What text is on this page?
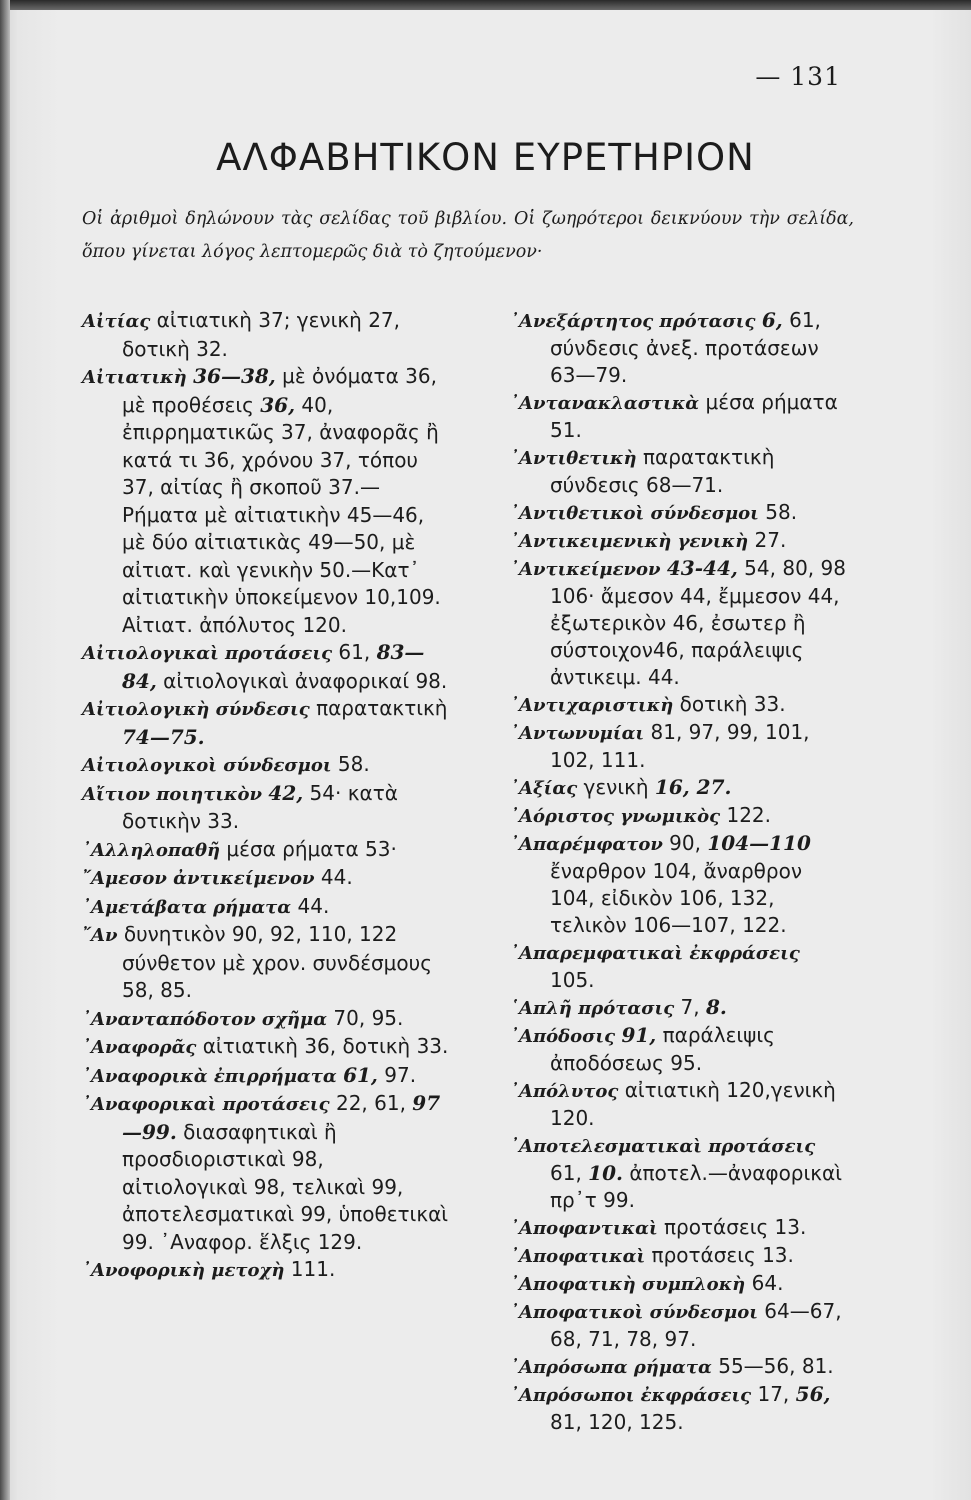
— 131
ΑΛΦΑΒΗΤΙΚΟΝ ΕΥΡΕΤΗΡΙΟΝ
Οἱ ἀριθμοὶ δηλώνουν τὰς σελίδας τοῦ βιβλίου. Οἱ ζωηρότεροι δεικνύουν τὴν σελίδα, ὅπου γίνεται λόγος λεπτομερῶς διὰ τὸ ζητούμενον·

Αἰτίας αἰτιατικὴ 37; γενικὴ 27, δοτικὴ 32.

Αἰτιατικὴ 36—38, μὲ ὀνόματα 36, μὲ προθέσεις 36, 40, ἐπιρρηματικῶς 37, ἀναφορᾶς ἢ κατά τι 36, χρόνου 37, τόπου 37, αἰτίας ἢ σκοποῦ 37.—Ρήματα μὲ αἰτιατικὴν 45—46, μὲ δύο αἰτιατικὰς 49—50, μὲ αἰτιατ. καὶ γενικὴν 50.—Κατ᾽ αἰτιατικὴν ὑποκείμενον 10,109. Αἰτιατ. ἀπόλυτος 120.

Αἰτιολογικαὶ προτάσεις 61, 83—84, αἰτιολογικαὶ ἀναφορικαί 98.

Αἰτιολογικὴ σύνδεσις παρατακτικὴ 74—75.

Αἰτιολογικοὶ σύνδεσμοι 58.

Αἴτιον ποιητικὸν 42, 54· κατὰ δοτικὴν 33.

᾽Αλληλοπαθῆ μέσα ρήματα 53·

῎Αμεσον ἀντικείμενον 44.

᾽Αμετάβατα ρήματα 44.

῎Αν δυνητικὸν 90, 92, 110, 122 σύνθετον μὲ χρον. συνδέσμους 58, 85.

᾽Ανανταπόδοτον σχῆμα 70, 95.

᾽Αναφορᾶς αἰτιατικὴ 36, δοτικὴ 33.

᾽Αναφορικὰ ἐπιρρήματα 61, 97.

᾽Αναφορικαὶ προτάσεις 22, 61, 97—99. διασαφητικαὶ ἢ προσδιοριστικαὶ 98, αἰτιολογικαὶ 98, τελικαὶ 99, ἀποτελεσματικαὶ 99, ὑποθετικαὶ 99. ᾽Αναφορ. ἕλξις 129.

᾽Ανοφορικὴ μετοχὴ 111.

᾽Ανεξάρτητος πρότασις 6, 61, σύνδεσις ἀνεξ. προτάσεων 63—79.

᾽Αντανακλαστικὰ μέσα ρήματα 51.

᾽Αντιθετικὴ παρατακτικὴ σύνδεσις 68—71.

᾽Αντιθετικοὶ σύνδεσμοι 58.

᾽Αντικειμενικὴ γενικὴ 27.

᾽Αντικείμενον 43-44, 54, 80, 98 106· ἄμεσον 44, ἔμμεσον 44, ἐξωτερικὸν 46, ἐσωτερ ἢ σύστοιχον46, παράλειψις ἀντικειμ. 44.

᾽Αντιχαριστικὴ δοτικὴ 33.

᾽Αντωνυμίαι 81, 97, 99, 101, 102, 111.

᾽Αξίας γενικὴ 16, 27.

᾽Αόριστος γνωμικὸς 122.

᾽Απαρέμφατον 90, 104—110 ἔναρθρον 104, ἄναρθρον 104, εἰδικὸν 106, 132, τελικὸν 106—107, 122.

᾽Απαρεμφατικαὶ ἐκφράσεις 105.

῾Απλῆ πρότασις 7, 8.

᾽Απόδοσις 91, παράλειψις ἀποδόσεως 95.

᾽Απόλυτος αἰτιατικὴ 120,γενικὴ 120.

᾽Αποτελεσματικαὶ προτάσεις 61, 10. ἀποτελ.—ἀναφορικαὶ πρ᾽τ 99.

᾽Αποφαντικαὶ προτάσεις 13.

᾽Αποφατικαὶ προτάσεις 13.

᾽Αποφατικὴ συμπλοκὴ 64.

᾽Αποφατικοὶ σύνδεσμοι 64—67, 68, 71, 78, 97.

᾽Απρόσωπα ρήματα 55—56, 81.

᾽Απρόσωποι ἐκφράσεις 17, 56, 81, 120, 125.
